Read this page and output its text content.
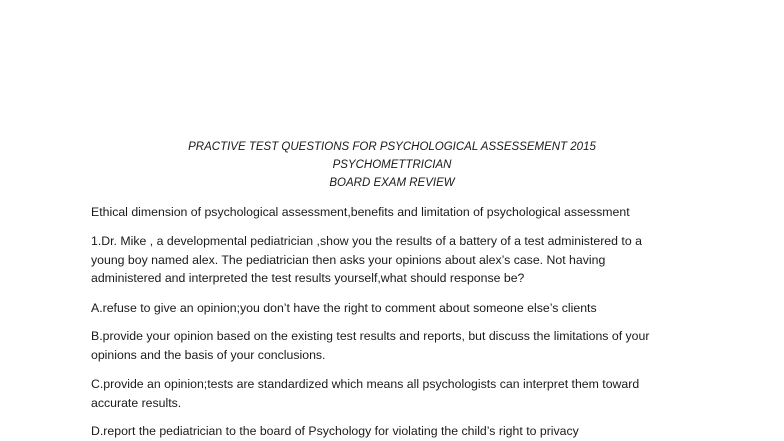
PRACTIVE TEST QUESTIONS FOR PSYCHOLOGICAL ASSESSEMENT 2015
PSYCHOMETTRICIAN
BOARD EXAM REVIEW
Ethical dimension of psychological assessment,benefits and limitation of psychological assessment
1.Dr. Mike , a developmental pediatrician ,show you the results of a battery of a test administered to a
young boy named alex. The pediatrician then asks your opinions about alex’s case. Not having
administered and interpreted the test results yourself,what should response be?
A.refuse to give an opinion;you don’t have the right to comment about someone else’s clients
B.provide your opinion based on the existing test results and reports, but discuss the limitations of your
opinions and the basis of your conclusions.
C.provide an opinion;tests are standardized which means all psychologists can interpret them toward
accurate results.
D.report the pediatrician to the board of Psychology for violating the child’s right to privacy
